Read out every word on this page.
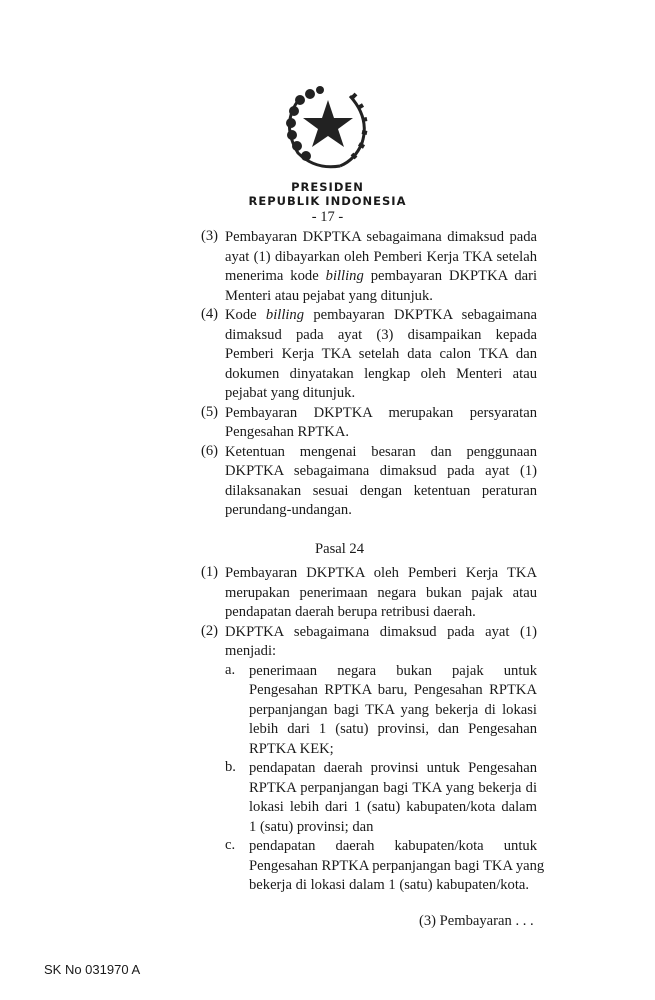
PRESIDEN
REPUBLIK INDONESIA
- 17 -
(3) Pembayaran DKPTKA sebagaimana dimaksud pada
ayat (1) dibayarkan oleh Pemberi Kerja TKA setelah
menerima kode billing pembayaran DKPTKA dari
Menteri atau pejabat yang ditunjuk.
(4) Kode billing pembayaran DKPTKA sebagaimana
dimaksud pada ayat (3) disampaikan kepada
Pemberi Kerja TKA setelah data calon TKA dan
dokumen dinyatakan lengkap oleh Menteri atau
pejabat yang ditunjuk.
(5) Pembayaran DKPTKA merupakan persyaratan
Pengesahan RPTKA.
(6) Ketentuan mengenai besaran dan penggunaan
DKPTKA sebagaimana dimaksud pada ayat (1)
dilaksanakan sesuai dengan ketentuan peraturan
perundang-undangan.
Pasal 24
(1) Pembayaran DKPTKA oleh Pemberi Kerja TKA
merupakan penerimaan negara bukan pajak atau
pendapatan daerah berupa retribusi daerah.
(2) DKPTKA sebagaimana dimaksud pada ayat (1)
menjadi:
a. penerimaan negara bukan pajak untuk
Pengesahan RPTKA baru, Pengesahan RPTKA
perpanjangan bagi TKA yang bekerja di lokasi
lebih dari 1 (satu) provinsi, dan Pengesahan
RPTKA KEK;
b. pendapatan daerah provinsi untuk Pengesahan
RPTKA perpanjangan bagi TKA yang bekerja di
lokasi lebih dari 1 (satu) kabupaten/kota dalam
1 (satu) provinsi; dan
c. pendapatan daerah kabupaten/kota untuk
Pengesahan RPTKA perpanjangan bagi TKA yang
bekerja di lokasi dalam 1 (satu) kabupaten/kota.
(3) Pembayaran . . .
SK No 031970 A
